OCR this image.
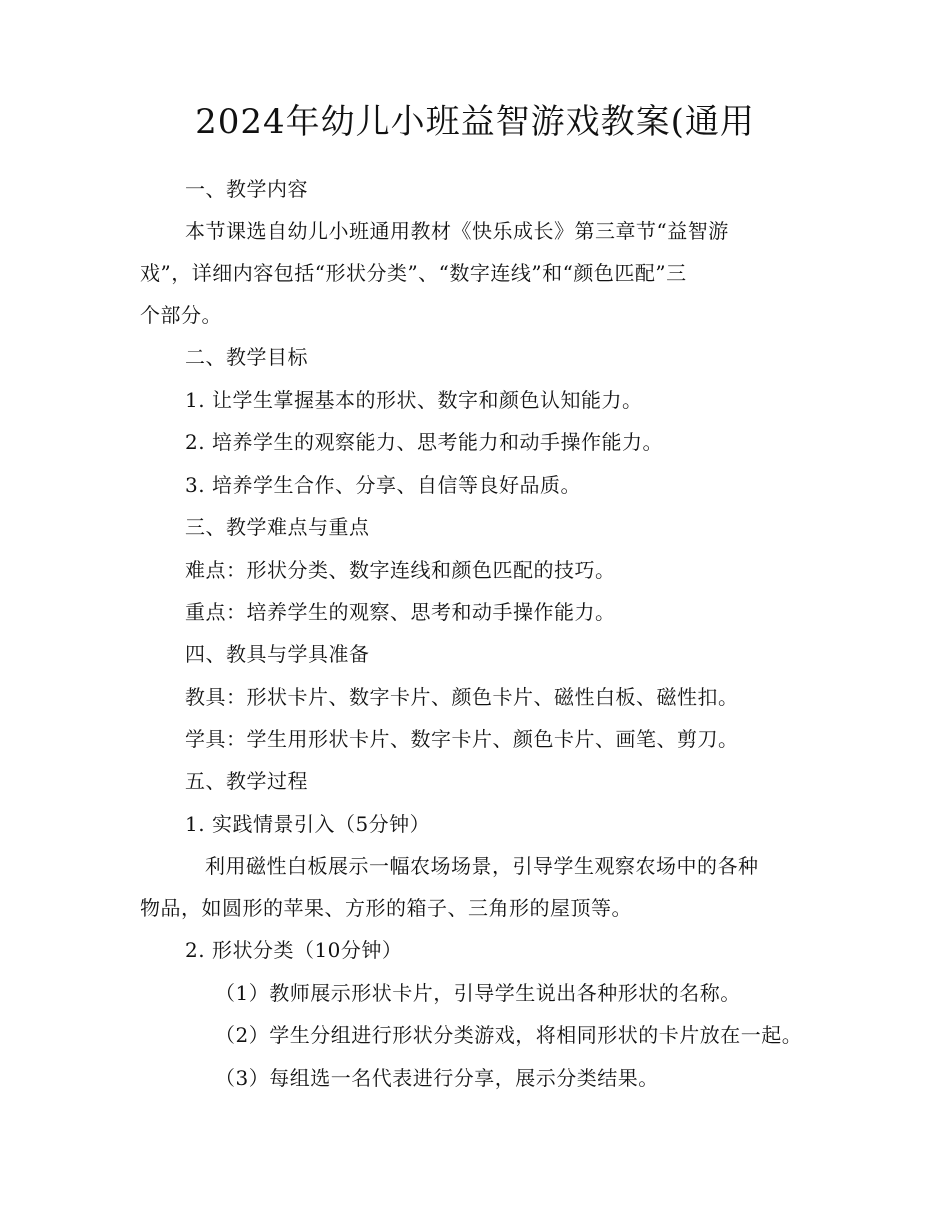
2024年幼儿小班益智游戏教案(通用

一、教学内容

本节课选自幼儿小班通用教材《快乐成长》第三章节“益智游

戏”，详细内容包括“形状分类”、“数字连线”和“颜色匹配”三

个部分。

二、教学目标

1. 让学生掌握基本的形状、数字和颜色认知能力。

2. 培养学生的观察能力、思考能力和动手操作能力。

3. 培养学生合作、分享、自信等良好品质。

三、教学难点与重点

难点：形状分类、数字连线和颜色匹配的技巧。

重点：培养学生的观察、思考和动手操作能力。

四、教具与学具准备

教具：形状卡片、数字卡片、颜色卡片、磁性白板、磁性扣。

学具：学生用形状卡片、数字卡片、颜色卡片、画笔、剪刀。

五、教学过程

1. 实践情景引入（5分钟）

利用磁性白板展示一幅农场场景，引导学生观察农场中的各种

物品，如圆形的苹果、方形的箱子、三角形的屋顶等。

2. 形状分类（10分钟）

（1）教师展示形状卡片，引导学生说出各种形状的名称。

（2）学生分组进行形状分类游戏，将相同形状的卡片放在一起。

（3）每组选一名代表进行分享，展示分类结果。
